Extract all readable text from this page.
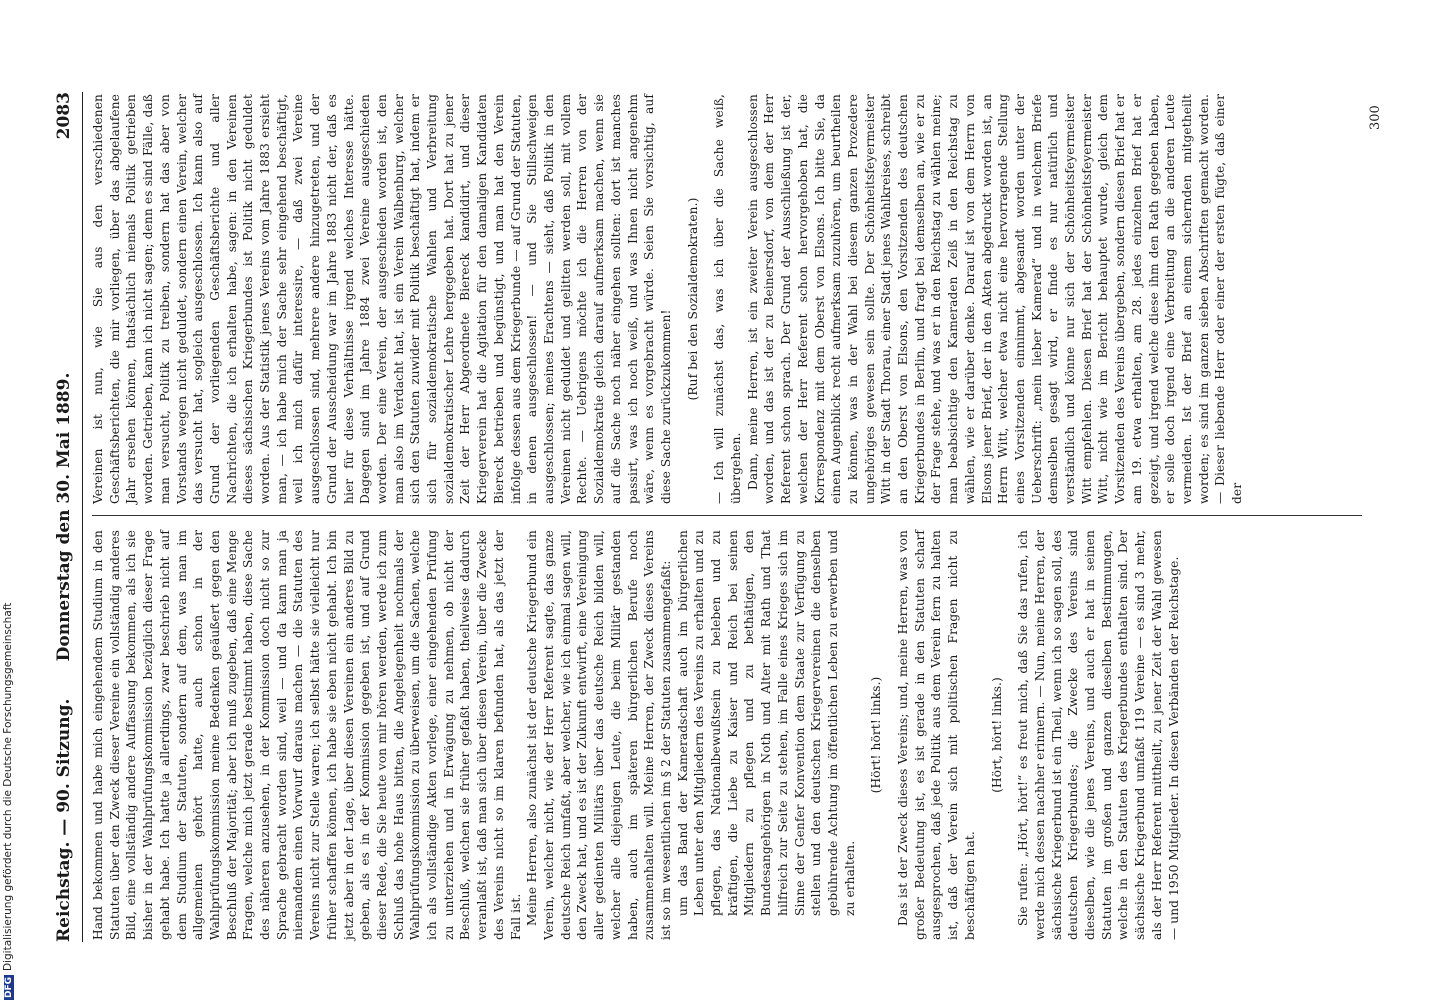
Reichstag. — 90. Sitzung.
Donnerstag den 30. Mai 1889.
2083

Hand bekommen und habe mich eingehendem Studium in den Statuten über den Zweck dieser Vereine ein vollständig anderes Bild, eine vollständig andere Auffassung bekommen, als ich sie bisher in der Wahlprüfungskommission bezüglich dieser Frage gehabt habe. Ich hatte ja allerdings, zwar beschrieb nicht auf dem Studium der Statuten, sondern auf dem, was man im allgemeinen gehört hatte, auch schon in der Wahlprüfungskommission meine Bedenken geäußert gegen den Beschluß der Majorität; aber ich muß zugeben, daß eine Menge Fragen, welche mich jetzt gerade bestimmt haben, diese Sache des näheren anzusehen, in der Kommission doch nicht so zur Sprache gebracht worden sind, weil — und da kann man ja niemandem einen Vorwurf daraus machen — die Statuten des Vereins nicht zur Stelle waren; ich selbst hätte sie vielleicht nur früher schaffen können, ich habe sie eben nicht gehabt. Ich bin jetzt aber in der Lage, über diesen Vereinen ein anderes Bild zu geben, als es in der Kommission gegeben ist, und auf Grund dieser Rede, die Sie heute von mir hören werden, werde ich zum Schluß das hohe Haus bitten, die Angelegenheit nochmals der Wahlprüfungskommission zu überweisen, um die Sachen, welche ich als vollständige Akten vorlege, einer eingehenden Prüfung zu unterziehen und in Erwägung zu nehmen, ob nicht der Beschluß, welchen sie früher gefaßt haben, theilweise dadurch veranlaßt ist, daß man sich über diesen Verein, über die Zwecke des Vereins nicht so im klaren befunden hat, als das jetzt der Fall ist. Meine Herren, also zunächst ist der deutsche Kriegerbund ein Verein, welcher nicht, wie der Herr Referent sagte, das ganze deutsche Reich umfaßt, aber welcher, wie ich einmal sagen will, den Zweck hat, und es ist der Zukunft entwirft, eine Vereinigung aller gedienten Militärs über das deutsche Reich bilden will, welcher alle diejenigen Leute, die beim Militär gestanden haben, auch im späteren bürgerlichen Berufe noch zusammenhalten will. Meine Herren, der Zweck dieses Vereins ist so im wesentlichen im § 2 der Statuten zusammengefaßt: um das Band der Kameradschaft auch im bürgerlichen Leben unter den Mitgliedern des Vereins zu erhalten und zu pflegen, das Nationalbewußtsein zu beleben und zu kräftigen, die Liebe zu Kaiser und Reich bei seinen Mitgliedern zu pflegen und zu bethätigen, den Bundesangehörigen in Noth und Alter mit Rath und That hilfreich zur Seite zu stehen, im Falle eines Krieges sich im Sinne der Genfer Konvention dem Staate zur Verfügung zu stellen und den deutschen Kriegervereinen die denselben gebührende Achtung im öffentlichen Leben zu erwerben und zu erhalten.

(Hört! hört! links.) Das ist der Zweck dieses Vereins; und, meine Herren, was von großer Bedeutung ist, es ist gerade in den Statuten scharf ausgesprochen, daß jede Politik aus dem Verein fern zu halten ist, daß der Verein sich mit politischen Fragen nicht zu beschäftigen hat.

(Hört, hört! links.) Sie rufen: „Hört, hört!“ es freut mich, daß Sie das rufen, ich werde mich dessen nachher erinnern. — Nun, meine Herren, der sächsische Kriegerbund ist ein Theil, wenn ich so sagen soll, des deutschen Kriegerbundes; die Zwecke des Vereins sind dieselben, wie die jenes Vereins, und auch er hat in seinen Statuten im großen und ganzen dieselben Bestimmungen, welche in den Statuten des Kriegerbundes enthalten sind. Der sächsische Kriegerbund umfaßt 119 Vereine — es sind 3 mehr, als der Herr Referent mittheilt, zu jener Zeit der Wahl gewesen — und 1950 Mitglieder. In diesen Verbänden der Reichstage.

Vereinen ist nun, wie Sie aus den verschiedenen Geschäftsberichten, die mir vorliegen, über das abgelaufene Jahr ersehen können, thatsächlich niemals Politik getrieben worden. Getrieben, kann ich nicht sagen; denn es sind Fälle, daß man versucht, Politik zu treiben, sondern hat das aber von Vorstands wegen nicht geduldet, sondern einen Verein, welcher das versucht hat, sogleich ausgeschlossen. Ich kann also auf Grund der vorliegenden Geschäftsberichte und aller Nachrichten, die ich erhalten habe, sagen: in den Vereinen dieses sächsischen Kriegerbundes ist Politik nicht geduldet worden. Aus der Statistik jenes Vereins vom Jahre 1883 ersieht man, — ich habe mich der Sache sehr eingehend beschäftigt, weil ich mich dafür interessire, — daß zwei Vereine ausgeschlossen sind, mehrere andere hinzugetreten, und der Grund der Ausscheidung war im Jahre 1883 nicht der, daß es hier für diese Verhältnisse irgend welches Interesse hätte. Dagegen sind im Jahre 1884 zwei Vereine ausgeschieden worden. Der eine Verein, der ausgeschieden worden ist, den man also im Verdacht hat, ist ein Verein Walbenburg, welcher sich den Statuten zuwider mit Politik beschäftigt hat, indem er sich für sozialdemokratische Wahlen und Verbreitung sozialdemokratischer Lehre hergegeben hat. Dort hat zu jener Zeit der Herr Abgeordnete Biereck kandidirt, und dieser Kriegerverein hat die Agitation für den damaligen Kandidaten Biereck betrieben und begünstigt, und man hat den Verein infolge dessen aus dem Kriegerbunde — auf Grund der Statuten, in denen ausgeschlossen! — und Sie Stillschweigen ausgeschlossen; meines Erachtens — sieht, daß Politik in den Vereinen nicht geduldet und gelitten werden soll, mit vollem Rechte. — Uebrigens möchte ich die Herren von der Sozialdemokratie gleich darauf aufmerksam machen, wenn sie auf die Sache noch näher eingehen sollten: dort ist manches passirt, was ich noch weiß, und was Ihnen nicht angenehm wäre, wenn es vorgebracht würde. Seien Sie vorsichtig, auf diese Sache zurückzukommen!

(Ruf bei den Sozialdemokraten.) — Ich will zunächst das, was ich über die Sache weiß, übergehen. Dann, meine Herren, ist ein zweiter Verein ausgeschlossen worden, und das ist der zu Beinersdorf, von dem der Herr Referent schon sprach. Der Grund der Ausschließung ist der, welchen der Herr Referent schon hervorgehoben hat, die Korrespondenz mit dem Oberst von Elsons. Ich bitte Sie, da einen Augenblick recht aufmerksam zuzuhören, um beurtheilen zu können, was in der Wahl bei diesem ganzen Prozedere ungehöriges gewesen sein sollte. Der Schönheitsfeyermeister Witt in der Stadt Thorau, einer Stadt jenes Wahlkreises, schreibt an den Oberst von Elsons, den Vorsitzenden des deutschen Kriegerbundes in Berlin, und fragt bei demselben an, wie er zu der Frage stehe, und was er in den Reichstag zu wählen meine; man beabsichtige den Kameraden Zeiß in den Reichstag zu wählen, wie er darüber denke. Darauf ist von dem Herrn von Elsons jener Brief, der in den Akten abgedruckt worden ist, an Herrn Witt, welcher etwa nicht eine hervorragende Stellung eines Vorsitzenden einnimmt, abgesandt worden unter der Ueberschrift: „mein lieber Kamerad“ und in welchem Briefe demselben gesagt wird, er finde es nur natürlich und verständlich und könne nur sich der Schönheitsfeyermeister Witt empfehlen. Diesen Brief hat der Schönheitsfeyermeister Witt, nicht wie im Bericht behauptet wurde, gleich dem Vorsitzenden des Vereins übergeben, sondern diesen Brief hat er am 19. etwa erhalten, am 28. jedes einzelnen Brief hat er gezeigt, und irgend welche diese ihm den Rath gegeben haben, er solle doch irgend eine Verbreitung an die anderen Leute vermeiden. Ist der Brief an einem sichernden mitgetheilt worden; es sind im ganzen sieben Abschriften gemacht worden. — Dieser liebende Herr oder einer der ersten fügte, daß einer der

300
DFGDigitalisierung gefördert durch die Deutsche Forschungsgemeinschaft
